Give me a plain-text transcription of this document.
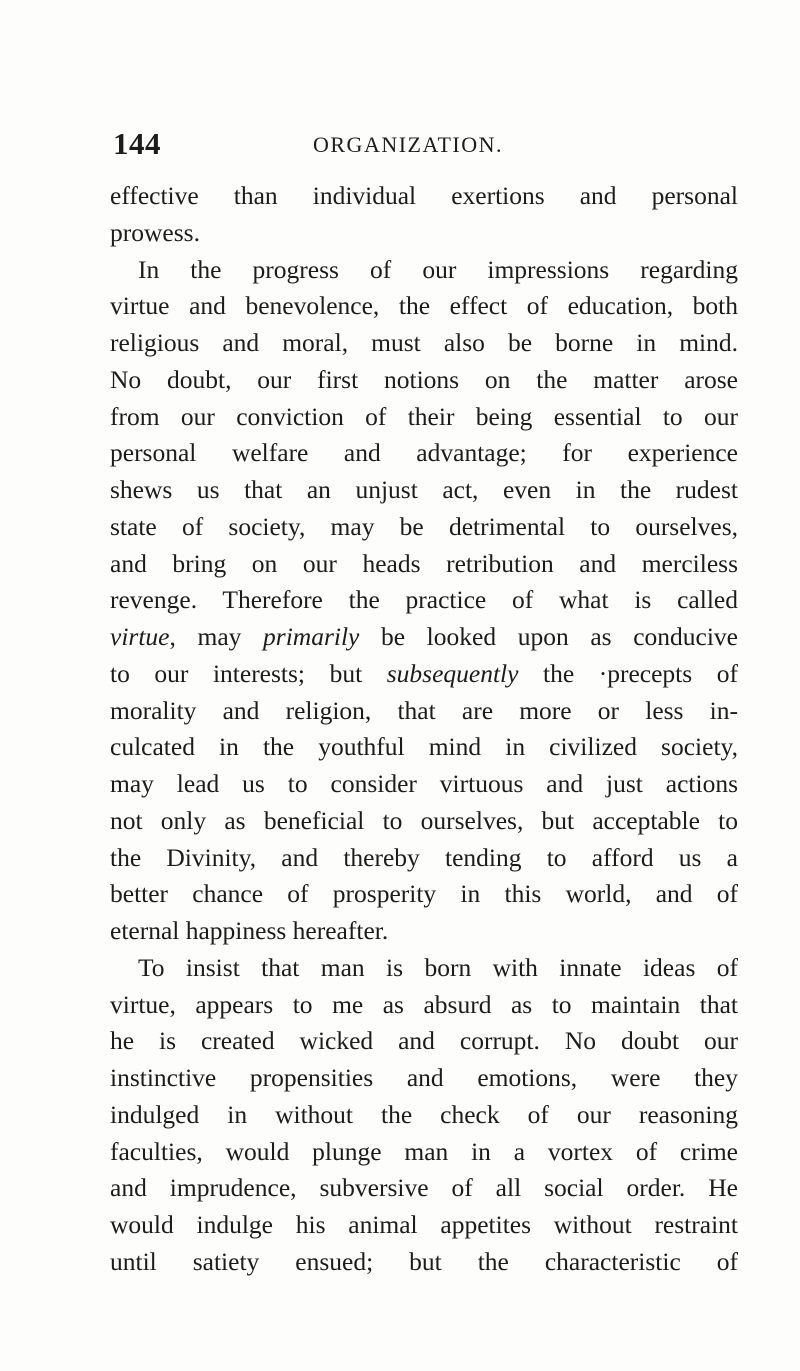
144	ORGANIZATION.
effective than individual exertions and personal
prowess.
In the progress of our impressions regarding
virtue and benevolence, the effect of education, both
religious and moral, must also be borne in mind.
No doubt, our first notions on the matter arose
from our conviction of their being essential to our
personal welfare and advantage; for experience
shews us that an unjust act, even in the rudest
state of society, may be detrimental to ourselves,
and bring on our heads retribution and merciless
revenge. Therefore the practice of what is called
virtue, may primarily be looked upon as conducive
to our interests; but subsequently the ·precepts of
morality and religion, that are more or less in-
culcated in the youthful mind in civilized society,
may lead us to consider virtuous and just actions
not only as beneficial to ourselves, but acceptable to
the Divinity, and thereby tending to afford us a
better chance of prosperity in this world, and of
eternal happiness hereafter.
To insist that man is born with innate ideas of
virtue, appears to me as absurd as to maintain that
he is created wicked and corrupt. No doubt our
instinctive propensities and emotions, were they
indulged in without the check of our reasoning
faculties, would plunge man in a vortex of crime
and imprudence, subversive of all social order. He
would indulge his animal appetites without restraint
until satiety ensued; but the characteristic of
